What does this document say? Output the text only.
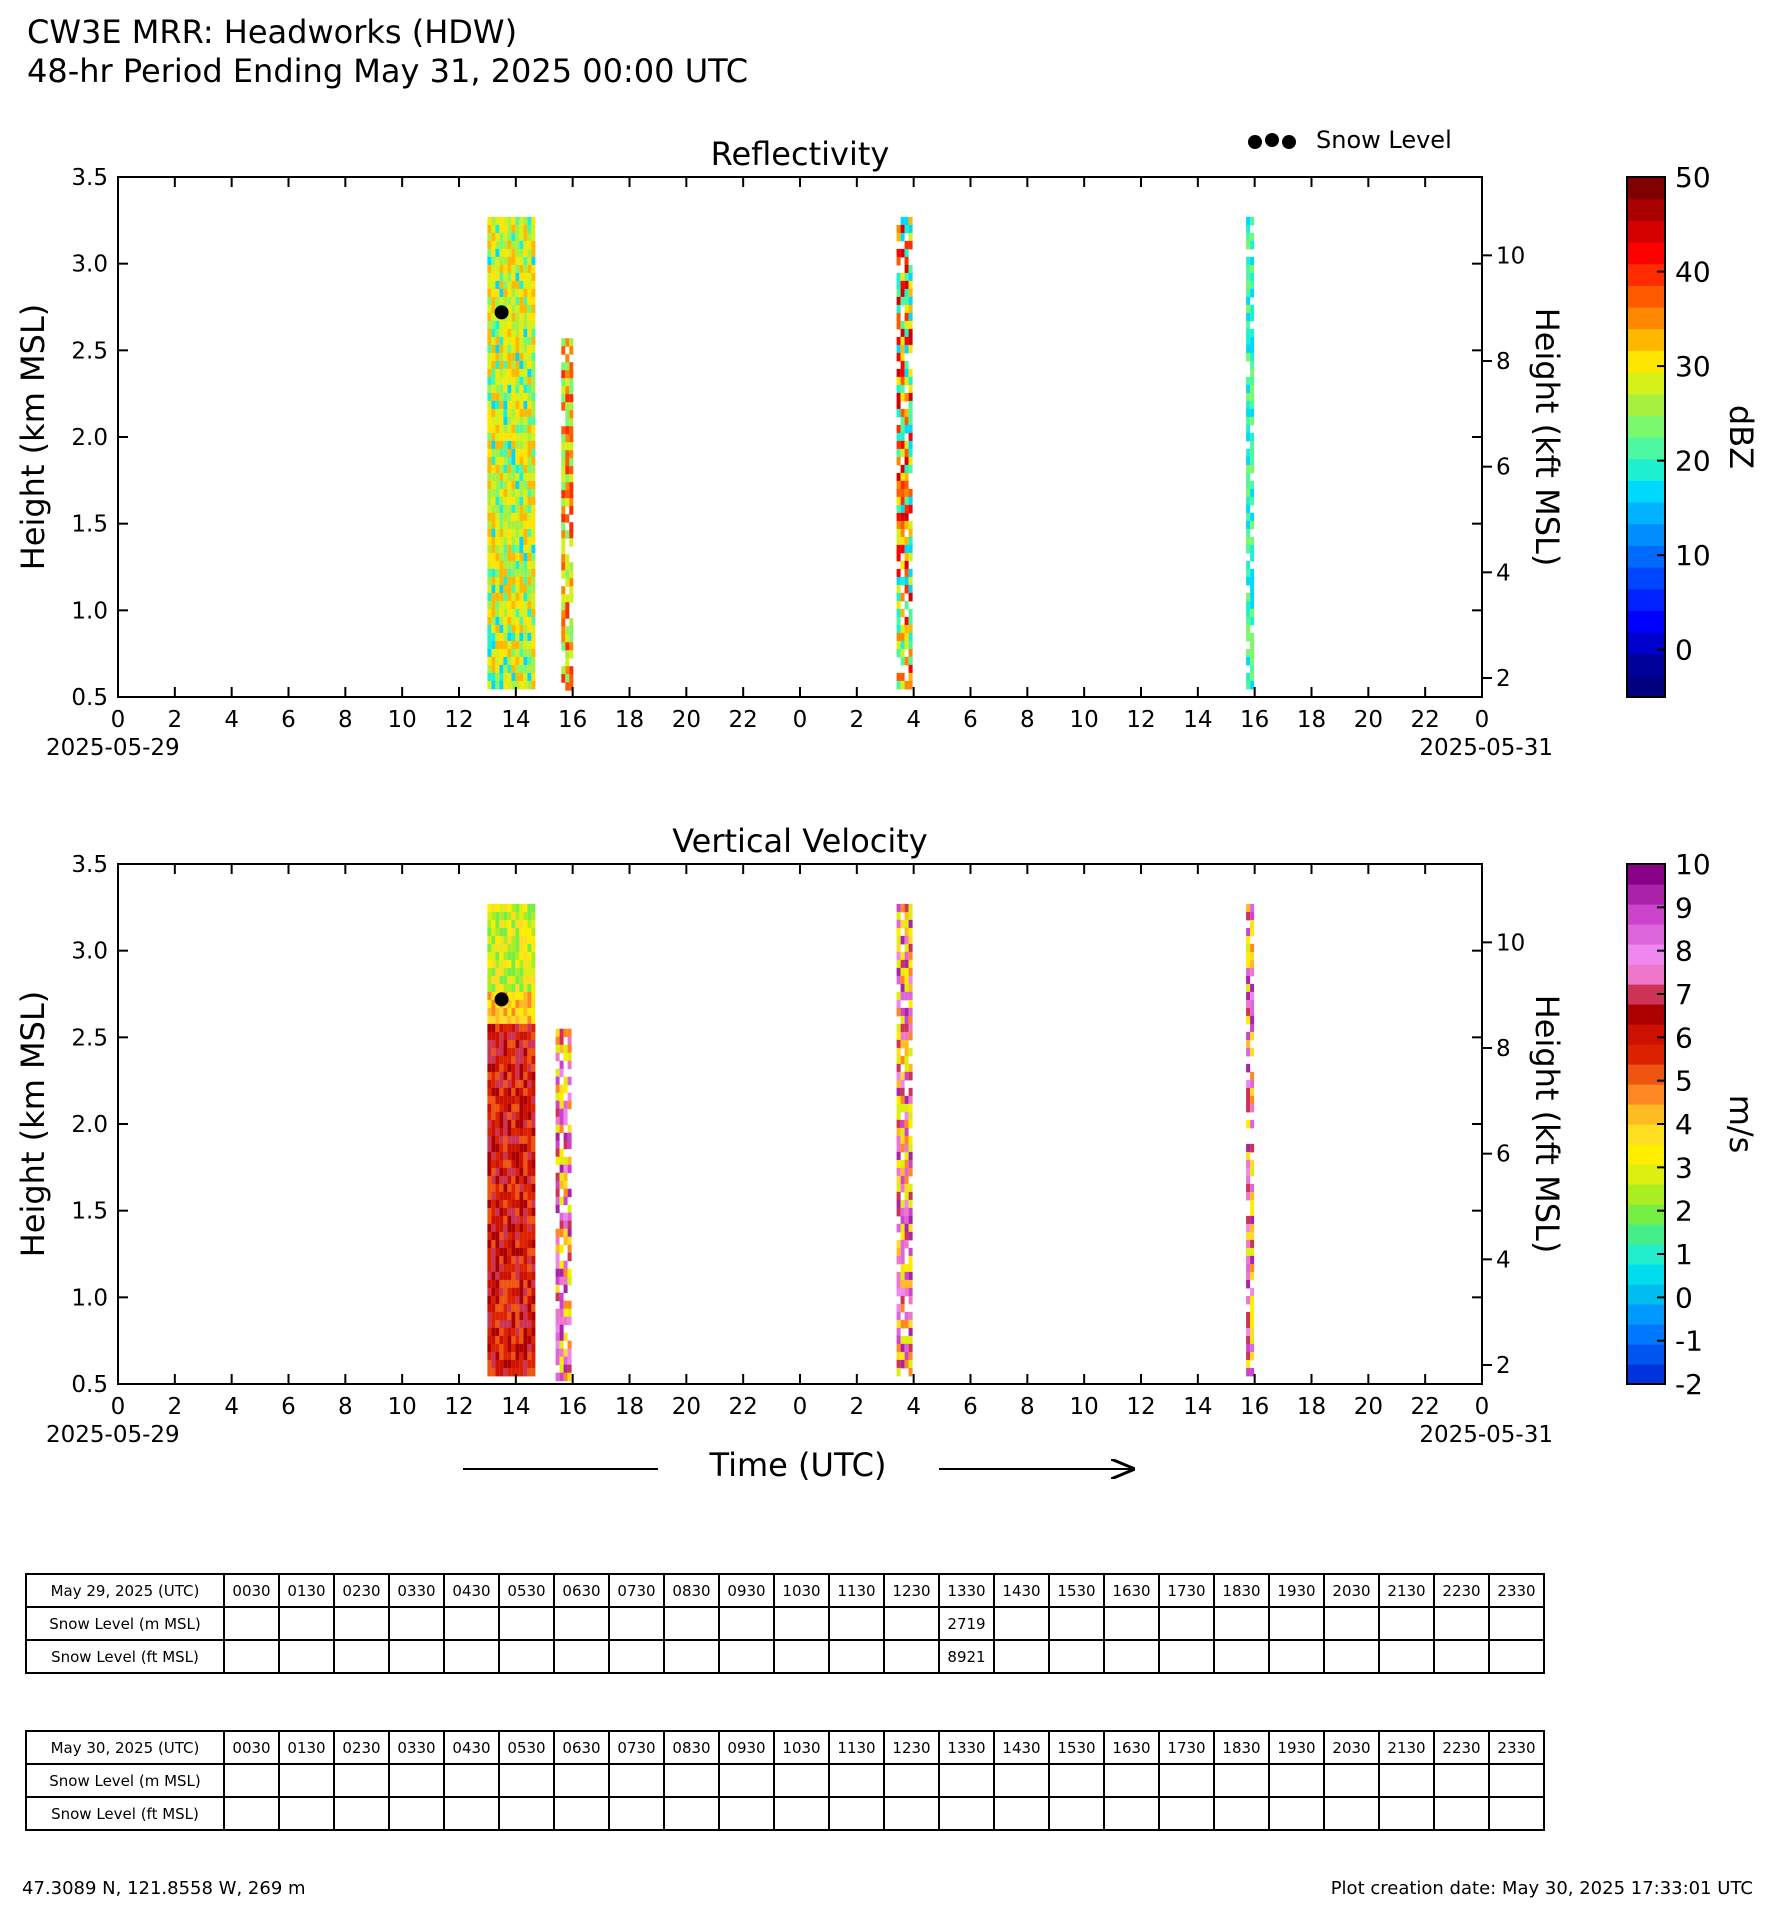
CW3E MRR: Headworks (HDW)
48-hr Period Ending May 31, 2025 00:00 UTC
Snow Level
Reflectivity
0.5
1.0
1.5
2.0
2.5
3.0
3.5
2
4
6
8
10
0 2 4 6 8 10 12 14 16 18 20 22 0 2 4 6 8 10 12 14 16 18 20 22 0
2025-05-29	2025-05-31
Height (km MSL)	Height (kft MSL)
50
40
30
20
10
0
dBZ
Vertical Velocity
0.5
1.0
1.5
2.0
2.5
3.0
3.5
2
4
6
8
10
0 2 4 6 8 10 12 14 16 18 20 22 0 2 4 6 8 10 12 14 16 18 20 22 0
2025-05-29	2025-05-31
Height (km MSL)	Height (kft MSL)
10
9
8
7
6
5
4
3
2
1
0
-1
-2
m/s
Time (UTC)
May 29, 2025 (UTC)	0030	0130	0230	0330	0430	0530	0630	0730	0830	0930	1030	1130	1230	1330	1430	1530	1630	1730	1830	1930	2030	2130	2230	2330
Snow Level (m MSL)														2719										
Snow Level (ft MSL)														8921										
May 30, 2025 (UTC)	0030	0130	0230	0330	0430	0530	0630	0730	0830	0930	1030	1130	1230	1330	1430	1530	1630	1730	1830	1930	2030	2130	2230	2330
Snow Level (m MSL)																								
Snow Level (ft MSL)																								
47.3089 N, 121.8558 W, 269 m	Plot creation date: May 30, 2025 17:33:01 UTC
